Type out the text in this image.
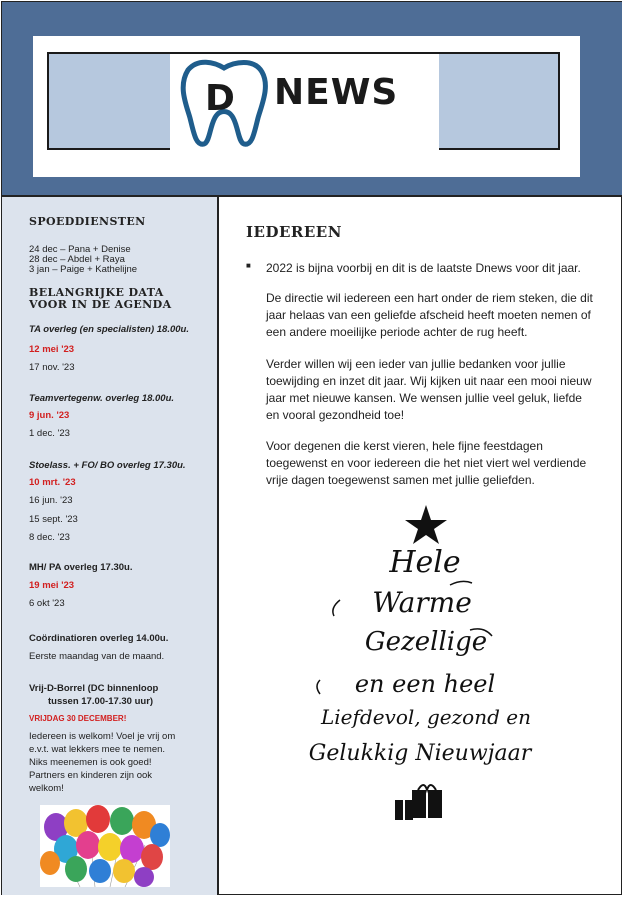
D NEWS
SPOEDDIENSTEN
24 dec – Pana + Denise
28 dec – Abdel + Raya
3 jan – Paige + Kathelijne
BELANGRIJKE DATA
VOOR IN DE AGENDA
TA overleg (en specialisten) 18.00u.
12 mei '23
17 nov. '23
Teamvertegenw. overleg 18.00u.
9 jun. '23
1 dec. '23
Stoelass. + FO/ BO overleg 17.30u.
10 mrt. '23
16 jun. '23
15 sept. '23
8 dec. '23
MH/ PA overleg 17.30u.
19 mei '23
6 okt '23
Coördinatioren overleg 14.00u.
Eerste maandag van de maand.
Vrij-D-Borrel (DC binnenloop
tussen 17.00-17.30 uur)
VRIJDAG 30 DECEMBER!
Iedereen is welkom! Voel je vrij om
e.v.t. wat lekkers mee te nemen.
Niks meenemen is ook goed!
Partners en kinderen zijn ook
welkom!
IEDEREEN
■ 2022 is bijna voorbij en dit is de laatste Dnews voor dit jaar.
De directie wil iedereen een hart onder de riem steken, die dit jaar helaas van een geliefde afscheid heeft moeten nemen of een andere moeilijke periode achter de rug heeft.
Verder willen wij een ieder van jullie bedanken voor jullie toewijding en inzet dit jaar. Wij kijken uit naar een mooi nieuw jaar met nieuwe kansen. We wensen jullie veel geluk, liefde en vooral gezondheid toe!
Voor degenen die kerst vieren, hele fijne feestdagen toegewenst en voor iedereen die het niet viert wel verdiende vrije dagen toegewenst samen met jullie geliefden.
Hele
Warme
Gezellige
en een heel
Liefdevol, gezond en
Gelukkig Nieuwjaar
